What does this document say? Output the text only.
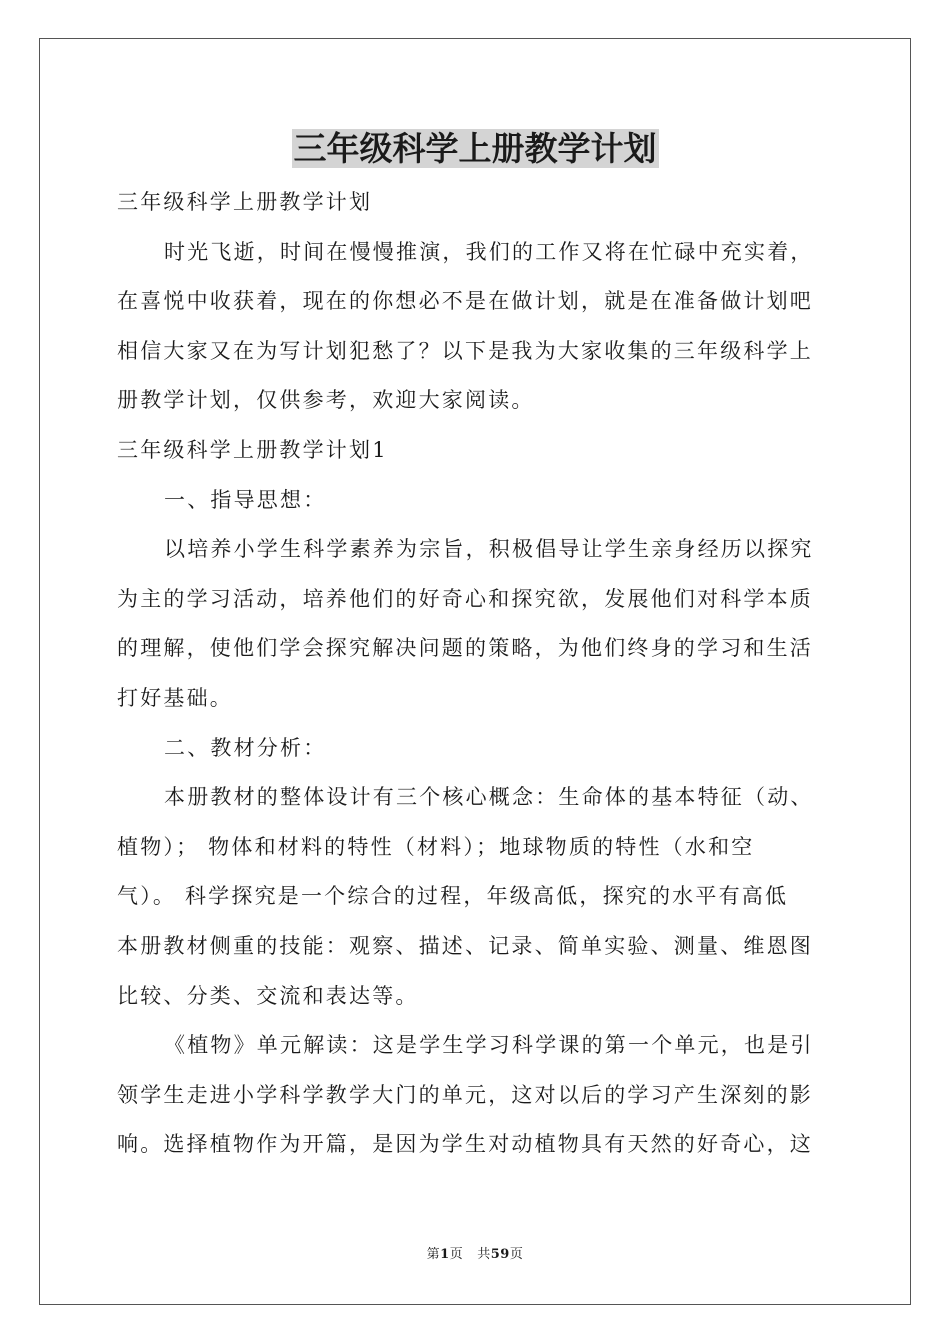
三年级科学上册教学计划

三年级科学上册教学计划

时光飞逝，时间在慢慢推演，我们的工作又将在忙碌中充实着，

在喜悦中收获着，现在的你想必不是在做计划，就是在准备做计划吧

相信大家又在为写计划犯愁了？以下是我为大家收集的三年级科学上

册教学计划，仅供参考，欢迎大家阅读。

三年级科学上册教学计划1

一、指导思想：

以培养小学生科学素养为宗旨，积极倡导让学生亲身经历以探究

为主的学习活动，培养他们的好奇心和探究欲，发展他们对科学本质

的理解，使他们学会探究解决问题的策略，为他们终身的学习和生活

打好基础。

二、教材分析：

本册教材的整体设计有三个核心概念：生命体的基本特征（动、

植物）； 物体和材料的特性（材料）；地球物质的特性（水和空

气）。 科学探究是一个综合的过程，年级高低，探究的水平有高低

本册教材侧重的技能：观察、描述、记录、简单实验、测量、维恩图

比较、分类、交流和表达等。

《植物》单元解读：这是学生学习科学课的第一个单元，也是引

领学生走进小学科学教学大门的单元，这对以后的学习产生深刻的影

响。选择植物作为开篇，是因为学生对动植物具有天然的好奇心，这

第1页 共59页
